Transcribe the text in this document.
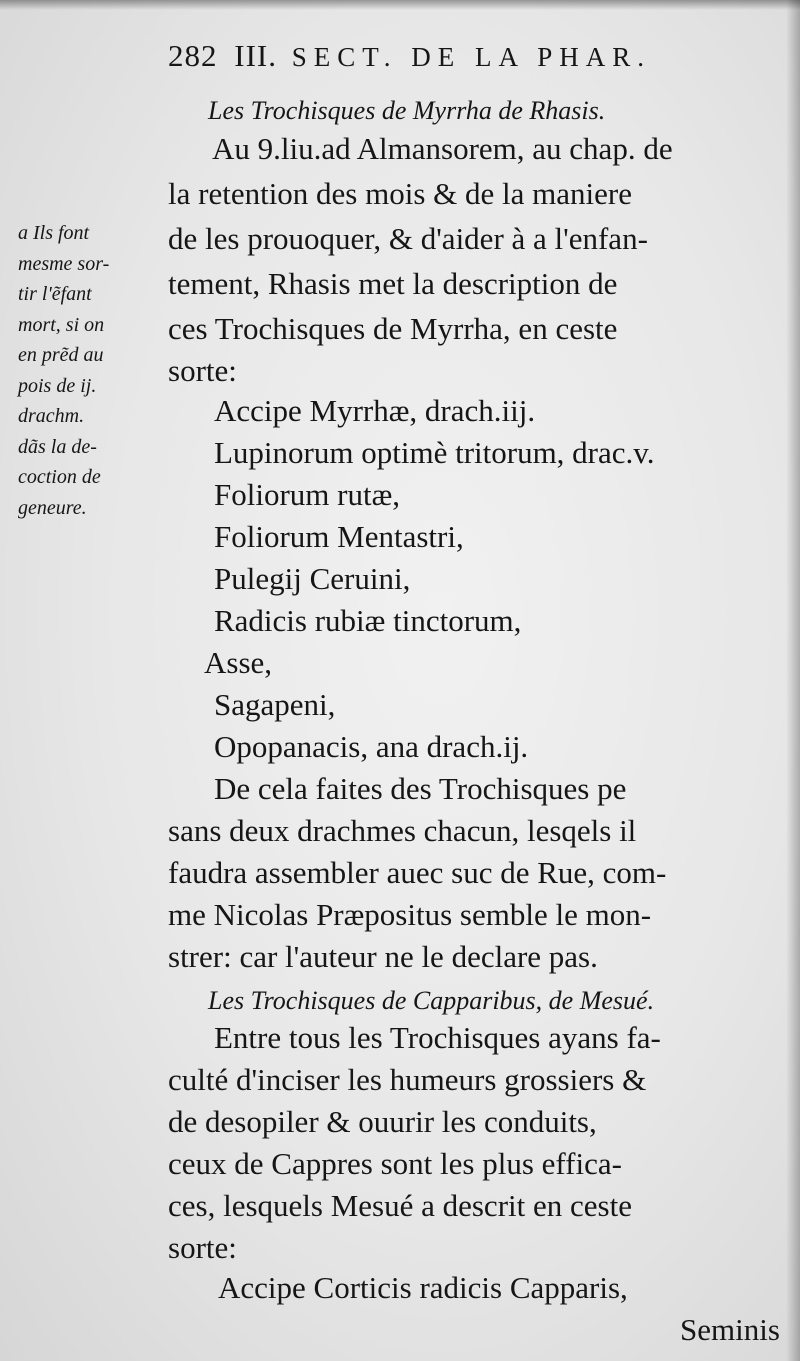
282 III. SECT. DE LA PHAR.
Les Trochisques de Myrrha de Rhasis.
Au 9.liu.ad Almansorem, au chap. de
la retention des mois & de la maniere
de les prouoquer, & d'aider à a l'enfan-
tement, Rhasis met la description de
ces Trochisques de Myrrha, en ceste
sorte:
Accipe Myrrhæ, drach.iij.
Lupinorum optimè tritorum, drac.v.
Foliorum rutæ,
Foliorum Mentastri,
Pulegij Ceruini,
Radicis rubiæ tinctorum,
Asse,
Sagapeni,
Opopanacis, ana drach.ij.
De cela faites des Trochisques pe
sans deux drachmes chacun, lesqels il
faudra assembler auec suc de Rue, com-
me Nicolas Præpositus semble le mon-
strer: car l'auteur ne le declare pas.
Les Trochisques de Capparibus, de Mesué.
Entre tous les Trochisques ayans fa-
culté d'inciser les humeurs grossiers &
de desopiler & ouurir les conduits,
ceux de Cappres sont les plus effica-
ces, lesquels Mesué a descrit en ceste
sorte:
Accipe Corticis radicis Capparis,
Seminis
a Ils font
mesme sor-
tir l'ẽfant
mort, si on
en prẽd au
pois de ij.
drachm.
dãs la de-
coction de
geneure.
